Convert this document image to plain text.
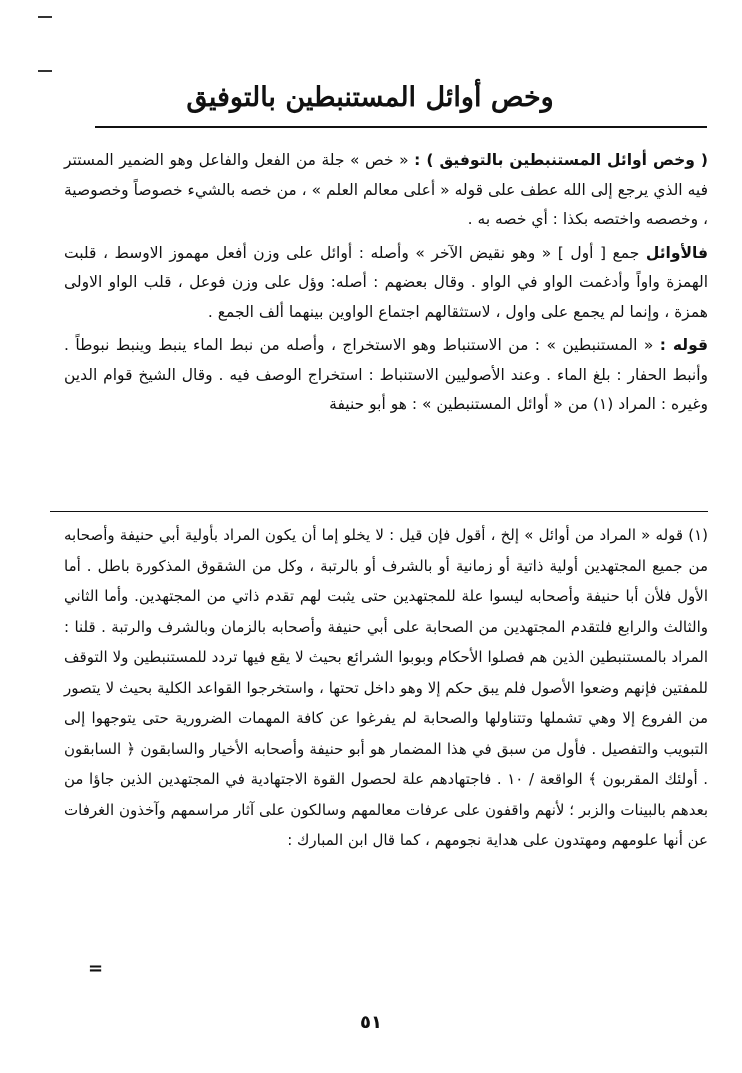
وخص أوائل المستنبطين بالتوفيق

( وخص أوائل المستنبطين بالتوفيق ) : « خص » جلة من الفعل والفاعل وهو الضمير المستتر فيه الذي يرجع إلى الله عطف على قوله « أعلى معالم العلم » ، من خصه بالشيء خصوصاً وخصوصية ، وخصصه واختصه بكذا : أي خصه به .

فالأوائل جمع [ أول ] « وهو نقيض الآخر » وأصله : أوائل على وزن أفعل مهموز الاوسط ، قلبت الهمزة واواً وأدغمت الواو في الواو . وقال بعضهم : أصله: وؤل على وزن فوعل ، قلب الواو الاولى همزة ، وإنما لم يجمع على واول ، لاستثقالهم اجتماع الواوين بينهما ألف الجمع .

قوله : « المستنبطين » : من الاستنباط وهو الاستخراج ، وأصله من نبط الماء ينبط وينبط نبوطاً . وأنبط الحفار : بلغ الماء . وعند الأصوليين الاستنباط : استخراج الوصف فيه . وقال الشيخ قوام الدين وغيره : المراد (١) من « أوائل المستنبطين » : هو أبو حنيفة

(١) قوله « المراد من أوائل » إلخ ، أقول فإن قيل : لا يخلو إما أن يكون المراد بأولية أبي حنيفة وأصحابه من جميع المجتهدين أولية ذاتية أو زمانية أو بالشرف أو بالرتبة ، وكل من الشقوق المذكورة باطل . أما الأول فلأن أبا حنيفة وأصحابه ليسوا علة للمجتهدين حتى يثبت لهم تقدم ذاتي من المجتهدين. وأما الثاني والثالث والرابع فلتقدم المجتهدين من الصحابة على أبي حنيفة وأصحابه بالزمان وبالشرف والرتبة . قلنا : المراد بالمستنبطين الذين هم فصلوا الأحكام وبوبوا الشرائع بحيث لا يقع فيها تردد للمستنبطين ولا التوقف للمفتين فإنهم وضعوا الأصول فلم يبق حكم إلا وهو داخل تحتها ، واستخرجوا القواعد الكلية بحيث لا يتصور من الفروع إلا وهي تشملها وتتناولها والصحابة لم يفرغوا عن كافة المهمات الضرورية حتى يتوجهوا إلى التبويب والتفصيل . فأول من سبق في هذا المضمار هو أبو حنيفة وأصحابه الأخيار والسابقون ﴿ السابقون . أولئك المقربون ﴾ الواقعة / ١٠ . فاجتهادهم علة لحصول القوة الاجتهادية في المجتهدين الذين جاؤا من بعدهم بالبينات والزبر ؛ لأنهم واقفون على عرفات معالمهم وسالكون على آثار مراسمهم وآخذون الغرفات عن أنها علومهم ومهتدون على هداية نجومهم ، كما قال ابن المبارك :

=
٥١
